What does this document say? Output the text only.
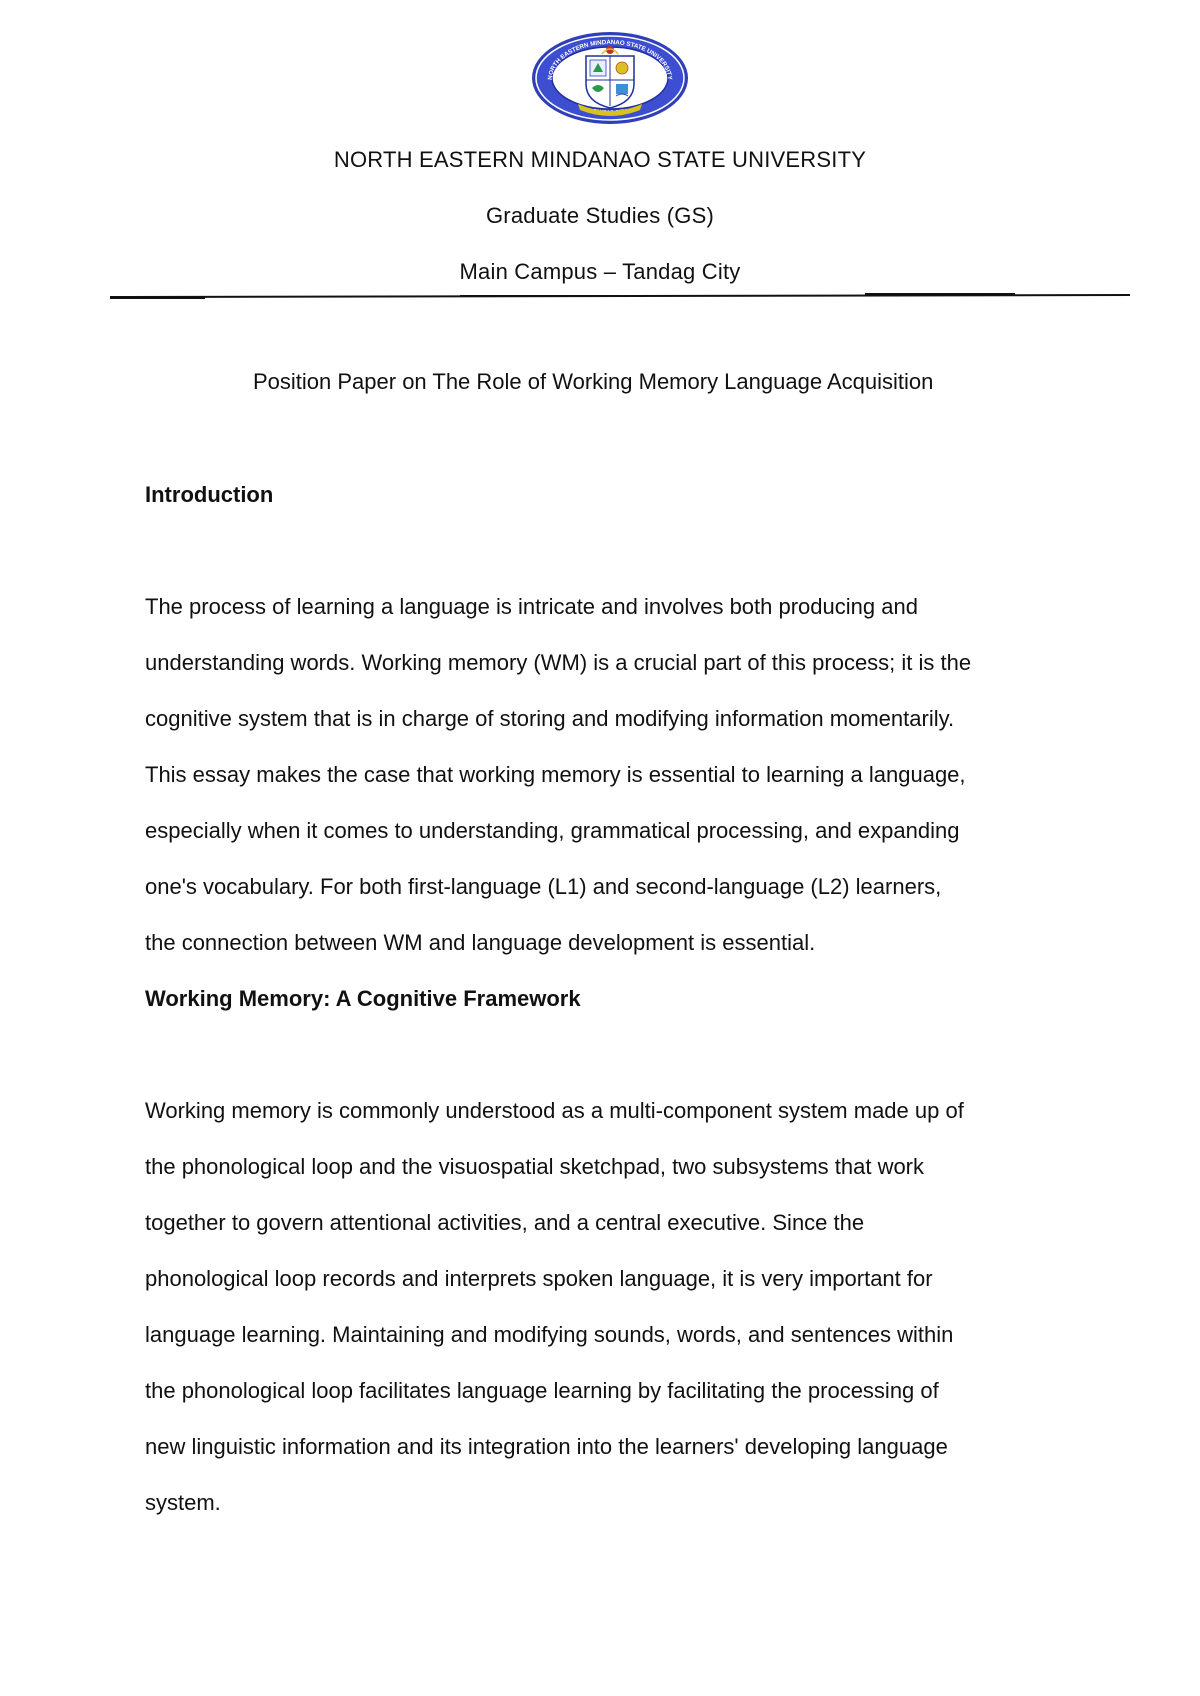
NORTH EASTERN MINDANAO STATE UNIVERSITY
NORTH EASTERN MINDANAO STATE UNIVERSITY
Graduate Studies (GS)
Main Campus – Tandag City
Position Paper on The Role of Working Memory Language Acquisition
Introduction
The process of learning a language is intricate and involves both producing and
understanding words. Working memory (WM) is a crucial part of this process; it is the
cognitive system that is in charge of storing and modifying information momentarily.
This essay makes the case that working memory is essential to learning a language,
especially when it comes to understanding, grammatical processing, and expanding
one's vocabulary. For both first-language (L1) and second-language (L2) learners,
the connection between WM and language development is essential.
Working Memory: A Cognitive Framework
Working memory is commonly understood as a multi-component system made up of
the phonological loop and the visuospatial sketchpad, two subsystems that work
together to govern attentional activities, and a central executive. Since the
phonological loop records and interprets spoken language, it is very important for
language learning. Maintaining and modifying sounds, words, and sentences within
the phonological loop facilitates language learning by facilitating the processing of
new linguistic information and its integration into the learners' developing language
system.
